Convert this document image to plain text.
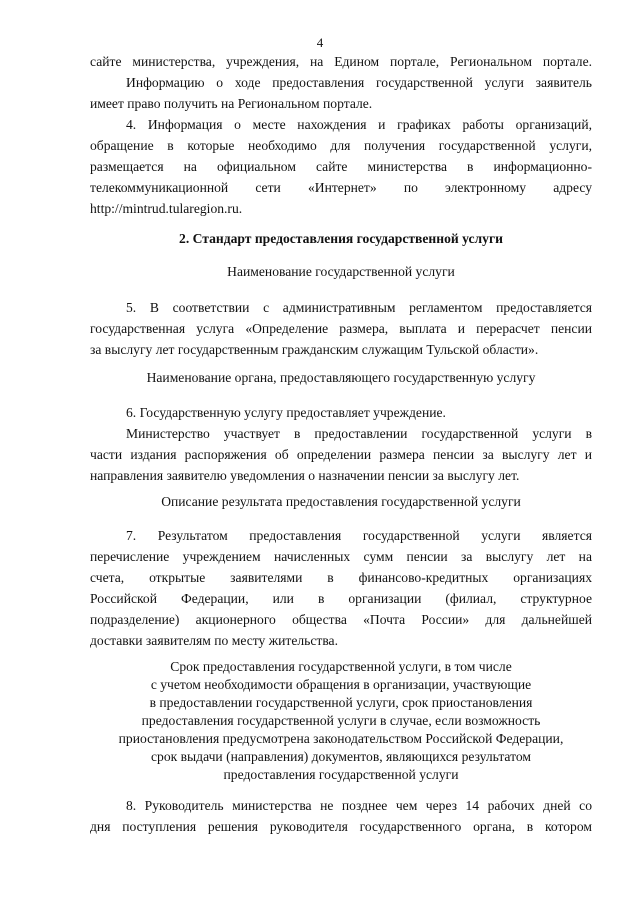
4

сайте министерства, учреждения, на Едином портале, Региональном портале.

Информацию о ходе предоставления государственной услуги заявитель

имеет право получить на Региональном портале.

4. Информация о месте нахождения и графиках работы организаций,

обращение в которые необходимо для получения государственной услуги,

размещается на официальном сайте министерства в информационно-

телекоммуникационной сети «Интернет» по электронному адресу

http://mintrud.tularegion.ru.

2. Стандарт предоставления государственной услуги

Наименование государственной услуги

5. В соответствии с административным регламентом предоставляется

государственная услуга «Определение размера, выплата и перерасчет пенсии

за выслугу лет государственным гражданским служащим Тульской области».

Наименование органа, предоставляющего государственную услугу

6. Государственную услугу предоставляет учреждение.

Министерство участвует в предоставлении государственной услуги в

части издания распоряжения об определении размера пенсии за выслугу лет и

направления заявителю уведомления о назначении пенсии за выслугу лет.

Описание результата предоставления государственной услуги

7. Результатом предоставления государственной услуги является

перечисление учреждением начисленных сумм пенсии за выслугу лет на

счета, открытые заявителями в финансово-кредитных организациях

Российской Федерации, или в организации (филиал, структурное

подразделение) акционерного общества «Почта России» для дальнейшей

доставки заявителям по месту жительства.

Срок предоставления государственной услуги, в том числе

с учетом необходимости обращения в организации, участвующие

в предоставлении государственной услуги, срок приостановления

предоставления государственной услуги в случае, если возможность

приостановления предусмотрена законодательством Российской Федерации,

срок выдачи (направления) документов, являющихся результатом

предоставления государственной услуги

8. Руководитель министерства не позднее чем через 14 рабочих дней со

дня поступления решения руководителя государственного органа, в котором
